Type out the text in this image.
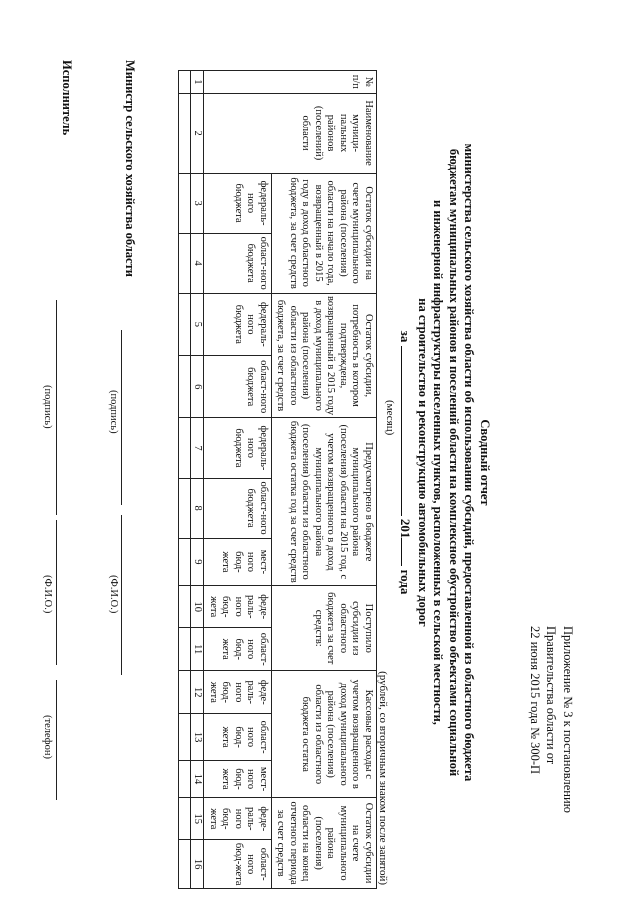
Приложение № 3 к постановлению
Правительства области от
22 июня 2015 года № 300-П
Сводный отчет
министерства сельского хозяйства области об использовании субсидий, предоставленной из областного бюджета
бюджетам муниципальных районов и поселений области на комплексное обустройство объектами социальной
и инженерной инфраструктуры населенных пунктов, расположенных в сельской местности,
на строительство и реконструкцию автомобильных дорог
за  201 года
(месяц)
(рублей, со вторичным знаком после запятой)
№ п/п	Наименование муници-пальных районов (поселений) области	Остаток субсидии на счете муниципального района (поселения) области на начало года, возвращенный в 2015 году в доход областного бюджета, за счет средств		Остаток субсидии, потребность в котором подтверждена, возвращенный в 2015 году в доход муниципального района (поселения) области из областного бюджета, за счет средств		Предусмотрено в бюджете муниципального района (поселения) области на 2015 год, с учетом возвращенного в доход муниципального района (поселения) области из областного бюджета остатка год за счет средств			Поступило субсидии из областного бюджета за счет средств:		Кассовые расходы с учетом возвращенного в доход муниципального района (поселения) области из областного бюджета остатка			Остаток субсидии на счете муниципального района (поселения) области на конец отчетного периода за счет средств	
		федераль-ного бюджета	област-ного бюджета	федераль-ного бюджета	област-ного бюджета	федераль-ного бюджета	област-ного бюджета	мест-ного бюд-жета	феде-раль-ного бюд-жета	област-ного бюд-жета	феде-раль-ного бюд-жета	област-ного бюд-жета	мест-ного бюд-жета	феде-раль-ного бюд-жета	област-ного бюд-жета
1	2	3	4	5	6	7	8	9	10	11	12	13	14	15	16

Министр сельского хозяйства области
(подпись)
(Ф.И.О.)
Исполнитель
(подпись)
(Ф.И.О.)
(телефон)
